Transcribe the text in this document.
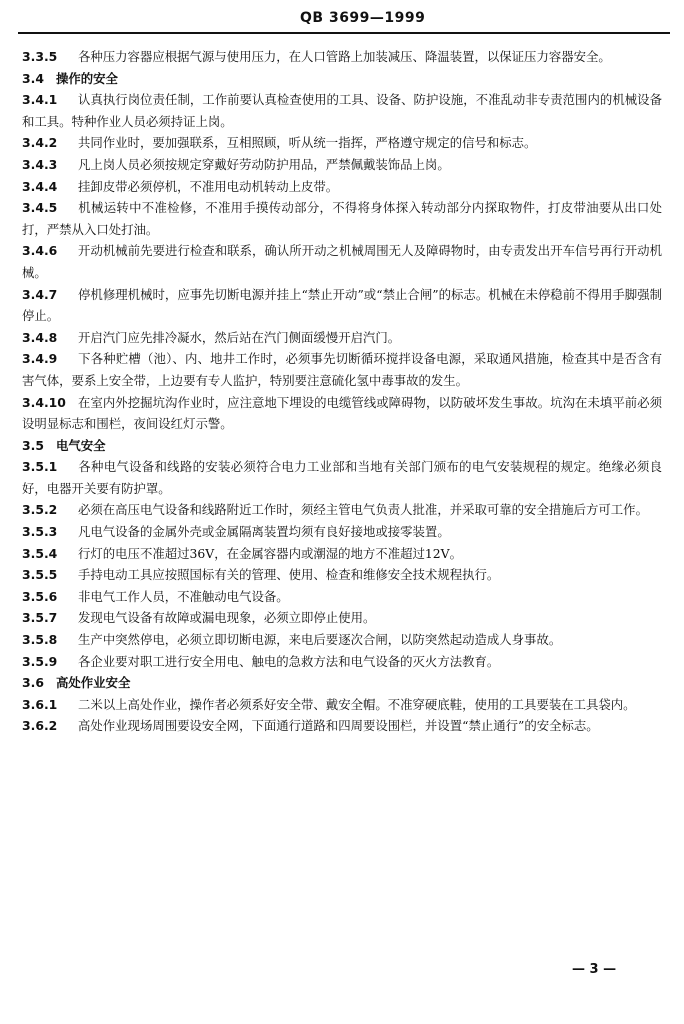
QB 3699—1999

3.3.5 各种压力容器应根据气源与使用压力，在人口管路上加装减压、降温装置，以保证压力容器安全。

3.4 操作的安全

3.4.1 认真执行岗位责任制，工作前要认真检查使用的工具、设备、防护设施，不准乱动非专责范围内的机械设备和工具。特种作业人员必须持证上岗。

3.4.2 共同作业时，要加强联系，互相照顾，听从统一指挥，严格遵守规定的信号和标志。

3.4.3 凡上岗人员必须按规定穿戴好劳动防护用品，严禁佩戴装饰品上岗。

3.4.4 挂卸皮带必须停机，不准用电动机转动上皮带。

3.4.5 机械运转中不准检修，不准用手摸传动部分，不得将身体探入转动部分内探取物件，打皮带油要从出口处打，严禁从入口处打油。

3.4.6 开动机械前先要进行检查和联系，确认所开动之机械周围无人及障碍物时，由专责发出开车信号再行开动机械。

3.4.7 停机修理机械时，应事先切断电源并挂上“禁止开动”或“禁止合闸”的标志。机械在未停稳前不得用手脚强制停止。

3.4.8 开启汽门应先排冷凝水，然后站在汽门侧面缓慢开启汽门。

3.4.9 下各种贮槽（池）、内、地井工作时，必须事先切断循环搅拌设备电源，采取通风措施，检查其中是否含有害气体，要系上安全带，上边要有专人监护，特别要注意硫化氢中毒事故的发生。

3.4.10 在室内外挖掘坑沟作业时，应注意地下埋设的电缆管线或障碍物，以防破坏发生事故。坑沟在未填平前必须设明显标志和围栏，夜间设红灯示警。

3.5 电气安全

3.5.1 各种电气设备和线路的安装必须符合电力工业部和当地有关部门颁布的电气安装规程的规定。绝缘必须良好，电器开关要有防护罩。

3.5.2 必须在高压电气设备和线路附近工作时，须经主管电气负责人批准，并采取可靠的安全措施后方可工作。

3.5.3 凡电气设备的金属外壳或金属隔离装置均须有良好接地或接零装置。

3.5.4 行灯的电压不准超过36V，在金属容器内或潮湿的地方不准超过12V。

3.5.5 手持电动工具应按照国标有关的管理、使用、检查和维修安全技术规程执行。

3.5.6 非电气工作人员，不准触动电气设备。

3.5.7 发现电气设备有故障或漏电现象，必须立即停止使用。

3.5.8 生产中突然停电，必须立即切断电源，来电后要逐次合闸，以防突然起动造成人身事故。

3.5.9 各企业要对职工进行安全用电、触电的急救方法和电气设备的灭火方法教育。

3.6 高处作业安全

3.6.1 二米以上高处作业，操作者必须系好安全带、戴安全帽。不准穿硬底鞋，使用的工具要装在工具袋内。

3.6.2 高处作业现场周围要设安全网，下面通行道路和四周要设围栏，并设置“禁止通行”的安全标志。

— 3 —
